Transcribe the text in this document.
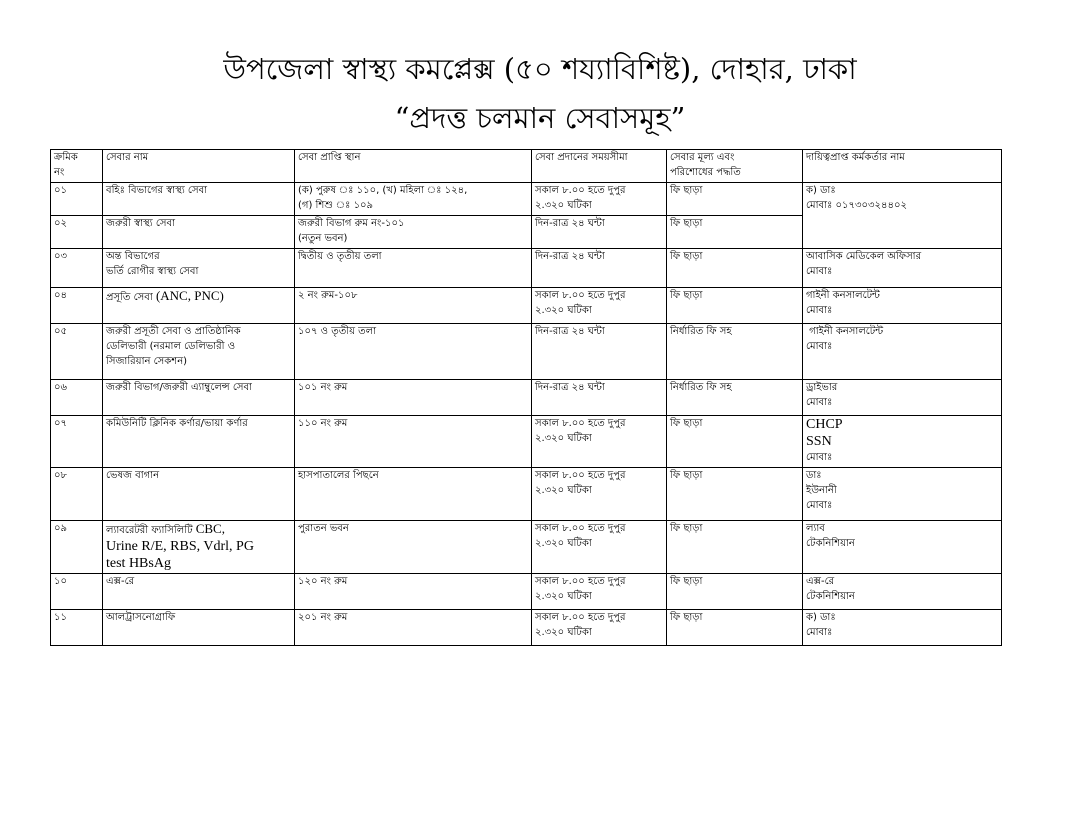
উপজেলা স্বাস্থ্য কমপ্লেক্স (৫০ শয্যাবিশিষ্ট), দোহার, ঢাকা
“প্রদত্ত চলমান সেবাসমূহ”
ক্রমিক
নং	সেবার নাম	সেবা প্রাপ্তি স্থান	সেবা প্রদানের সময়সীমা	সেবার মূল্য এবং
পরিশোধের পদ্ধতি	দায়িত্বপ্রাপ্ত কর্মকর্তার নাম

০১	বহিঃ বিভাগের স্বাস্থ্য সেবা	(ক) পুরুষ ঃ ১১০, (খ) মহিলা ঃ ১২৪,
(গ) শিশু ঃ ১০৯	সকাল ৮.০০ হতে দুপুর
২.৩২০ ঘটিকা	ফি ছাড়া	ক) ডাঃ
মোবাঃ ০১৭৩০৩২৪৪০২

০২	জরুরী স্বাস্থ্য সেবা	জরুরী বিভাগ রুম নং-১০১
(নতুন ভবন)	দিন-রাত্র ২৪ ঘন্টা	ফি ছাড়া	

০৩	অন্ত বিভাগের
ভর্তি রোগীর স্বাস্থ্য সেবা	দ্বিতীয় ও তৃতীয় তলা	দিন-রাত্র ২৪ ঘন্টা	ফি ছাড়া	আবাসিক মেডিকেল অফিসার
মোবাঃ

০৪	প্রসূতি সেবা (ANC, PNC)	২ নং রুম-১০৮	সকাল ৮.০০ হতে দুপুর
২.৩২০ ঘটিকা	ফি ছাড়া	গাইনী কনসালটেন্ট
মোবাঃ

০৫	জরুরী প্রসূতী সেবা ও প্রাতিষ্ঠানিক
ডেলিভারী (নরমাল ডেলিভারী ও
সিজারিয়ান সেকশন)	১০৭ ও তৃতীয় তলা	দিন-রাত্র ২৪ ঘন্টা	নির্ধারিত ফি সহ	গাইনী কনসালটেন্ট
মোবাঃ

০৬	জরুরী বিভাগ/জরুরী এ্যাম্বুলেন্স সেবা	১০১ নং রুম	দিন-রাত্র ২৪ ঘন্টা	নির্ধারিত ফি সহ	ড্রাইভার
মোবাঃ

০৭	কমিউনিটি ক্লিনিক কর্ণার/ভায়া কর্ণার	১১০ নং রুম	সকাল ৮.০০ হতে দুপুর
২.৩২০ ঘটিকা	ফি ছাড়া	CHCP
SSN
মোবাঃ

০৮	ভেষজ বাগান	হাসপাতালের পিছনে	সকাল ৮.০০ হতে দুপুর
২.৩২০ ঘটিকা	ফি ছাড়া	ডাঃ
ইউনানী
মোবাঃ

০৯	ল্যাবরেটরী ফ্যাসিলিটি CBC,
Urine R/E, RBS, Vdrl, PG
test HBsAg	পুরাতন ভবন	সকাল ৮.০০ হতে দুপুর
২.৩২০ ঘটিকা	ফি ছাড়া	ল্যাব
টেকনিশিয়ান

১০	এক্স-রে	১২০ নং রুম	সকাল ৮.০০ হতে দুপুর
২.৩২০ ঘটিকা	ফি ছাড়া	এক্স-রে
টেকনিশিয়ান

১১	আলট্রাসনোগ্রাফি	২০১ নং রুম	সকাল ৮.০০ হতে দুপুর
২.৩২০ ঘটিকা	ফি ছাড়া	ক) ডাঃ
মোবাঃ
